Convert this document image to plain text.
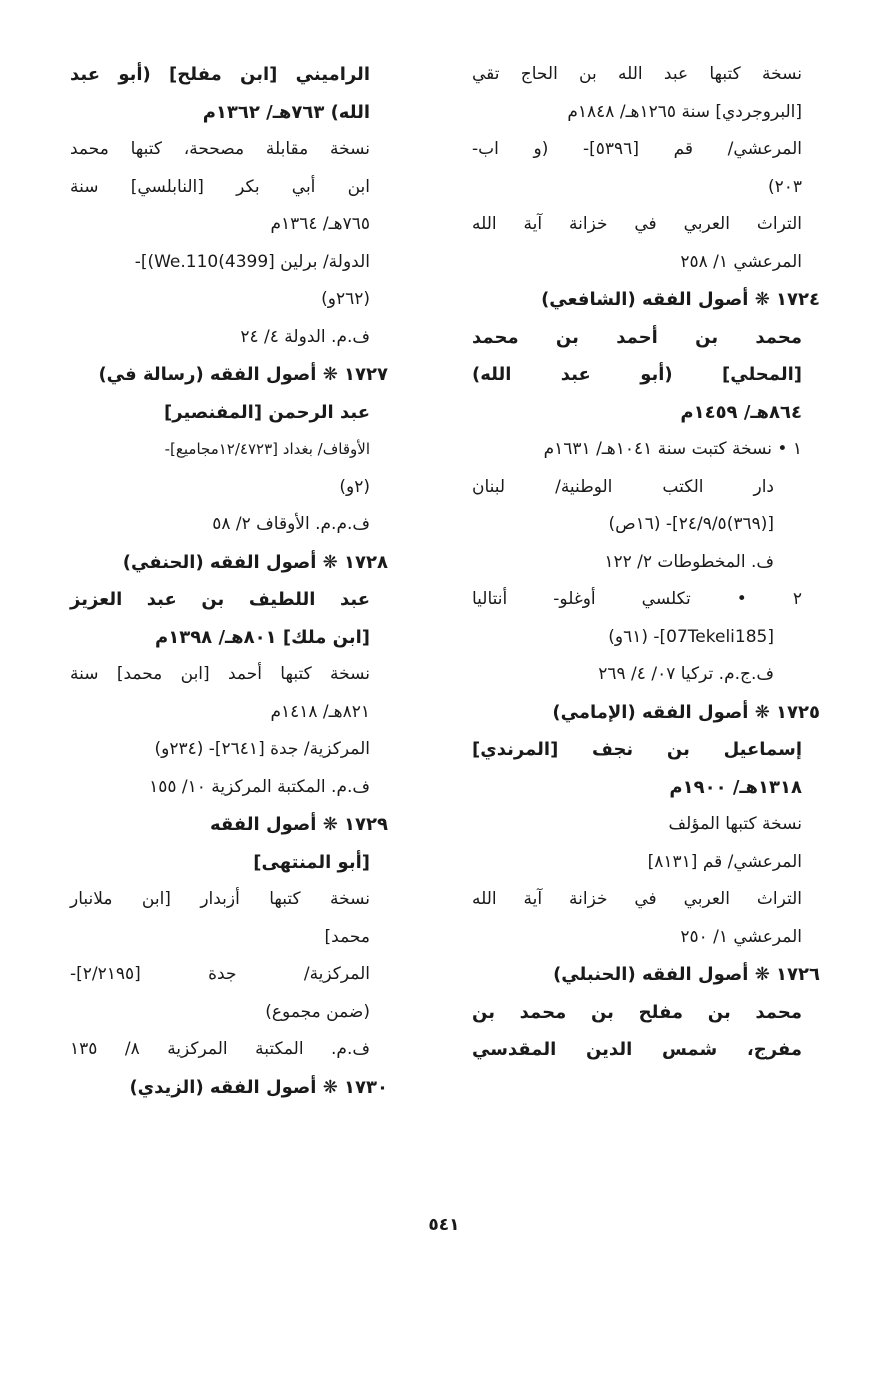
نسخة كتبها عبد الله بن الحاج تقي
[البروجردي] سنة ١٢٦٥هـ/ ١٨٤٨م
المرعشي/ قم [٥٣٩٦]- (و اب-
٢٠٣)
التراث العربي في خزانة آية الله
المرعشي ١/ ٢٥٨
١٧٢٤ ❋ أصول الفقه (الشافعي)
محمد بن أحمد بن محمد
[المحلي] (أبو عبد الله)
٨٦٤هـ/ ١٤٥٩م
١ • نسخة كتبت سنة ١٠٤١هـ/ ١٦٣١م
دار الكتب الوطنية/ لبنان
[(٣٦٩)٢٤/٩/٥]- (١٦ص)
ف. المخطوطات ٢/ ١٢٢
٢ • تكلسي أوغلو- أنتاليا
[07Tekeli185]- (٦١و)
ف.ج.م. تركيا ٠٧/ ٤/ ٢٦٩
١٧٢٥ ❋ أصول الفقه (الإمامي)
إسماعيل بن نجف [المرندي]
١٣١٨هـ/ ١٩٠٠م
نسخة كتبها المؤلف
المرعشي/ قم [٨١٣١]
التراث العربي في خزانة آية الله
المرعشي ١/ ٢٥٠
١٧٢٦ ❋ أصول الفقه (الحنبلي)
محمد بن مفلح بن محمد بن
مفرج، شمس الدين المقدسي
الراميني [ابن مفلح] (أبو عبد
الله) ٧٦٣هـ/ ١٣٦٢م
نسخة مقابلة مصححة، كتبها محمد
ابن أبي بكر [النابلسي] سنة
٧٦٥هـ/ ١٣٦٤م
الدولة/ برلين [4399)We.110)]-
(٢٦٢و)
ف.م. الدولة ٤/ ٢٤
١٧٢٧ ❋ أصول الفقه (رسالة في)
عبد الرحمن [المفنصير]
الأوقاف/ بغداد [١٢/٤٧٢٣مجاميع]-
(٢و)
ف.م.م. الأوقاف ٢/ ٥٨
١٧٢٨ ❋ أصول الفقه (الحنفي)
عبد اللطيف بن عبد العزيز
[ابن ملك] ٨٠١هـ/ ١٣٩٨م
نسخة كتبها أحمد [ابن محمد] سنة
٨٢١هـ/ ١٤١٨م
المركزية/ جدة [٢٦٤١]- (٢٣٤و)
ف.م. المكتبة المركزية ١٠/ ١٥٥
١٧٢٩ ❋ أصول الفقه
[أبو المنتهى]
نسخة كتبها أزبدار [ابن ملانبار
محمد]
المركزية/ جدة [٢/٢١٩٥]-
(ضمن مجموع)
ف.م. المكتبة المركزية ٨/ ١٣٥
١٧٣٠ ❋ أصول الفقه (الزيدي)
٥٤١
